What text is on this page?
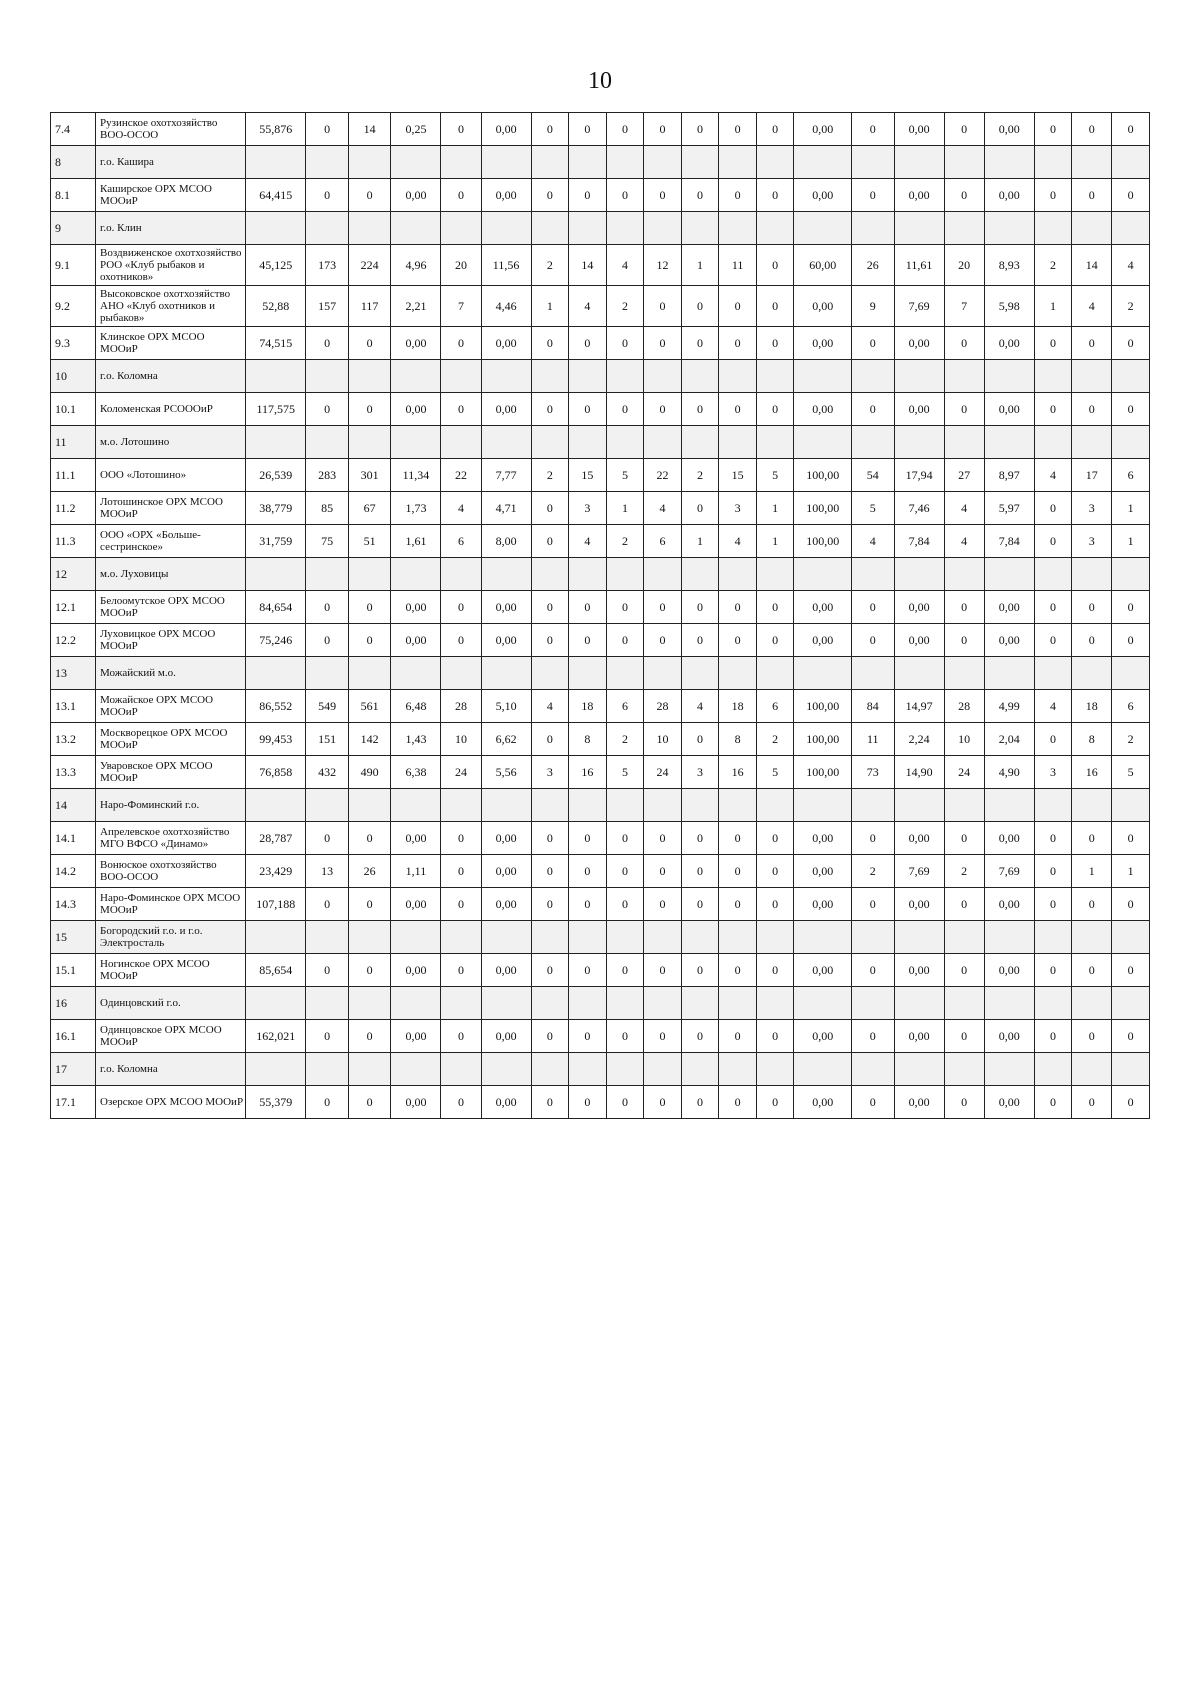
10
7.4	Рузинское охотхозяйство ВОО-ОСОО	55,876	0	14	0,25	0	0,00	0	0	0	0	0	0	0	0,00	0	0,00	0	0,00	0	0	0
8	г.о. Кашира																					
8.1	Каширское ОРХ МСОО МООиР	64,415	0	0	0,00	0	0,00	0	0	0	0	0	0	0	0,00	0	0,00	0	0,00	0	0	0
9	г.о. Клин																					
9.1	Воздвиженское охотхозяйство РОО «Клуб рыбаков и охотников»	45,125	173	224	4,96	20	11,56	2	14	4	12	1	11	0	60,00	26	11,61	20	8,93	2	14	4
9.2	Высоковское охотхозяйство АНО «Клуб охотников и рыбаков»	52,88	157	117	2,21	7	4,46	1	4	2	0	0	0	0	0,00	9	7,69	7	5,98	1	4	2
9.3	Клинское ОРХ МСОО МООиР	74,515	0	0	0,00	0	0,00	0	0	0	0	0	0	0	0,00	0	0,00	0	0,00	0	0	0
10	г.о. Коломна																					
10.1	Коломенская РСОООиР	117,575	0	0	0,00	0	0,00	0	0	0	0	0	0	0	0,00	0	0,00	0	0,00	0	0	0
11	м.о. Лотошино																					
11.1	ООО «Лотошино»	26,539	283	301	11,34	22	7,77	2	15	5	22	2	15	5	100,00	54	17,94	27	8,97	4	17	6
11.2	Лотошинское ОРХ МСОО МООиР	38,779	85	67	1,73	4	4,71	0	3	1	4	0	3	1	100,00	5	7,46	4	5,97	0	3	1
11.3	ООО «ОРХ «Больше-сестринское»	31,759	75	51	1,61	6	8,00	0	4	2	6	1	4	1	100,00	4	7,84	4	7,84	0	3	1
12	м.о. Луховицы																					
12.1	Белоомутское ОРХ МСОО МООиР	84,654	0	0	0,00	0	0,00	0	0	0	0	0	0	0	0,00	0	0,00	0	0,00	0	0	0
12.2	Луховицкое ОРХ МСОО МООиР	75,246	0	0	0,00	0	0,00	0	0	0	0	0	0	0	0,00	0	0,00	0	0,00	0	0	0
13	Можайский м.о.																					
13.1	Можайское ОРХ МСОО МООиР	86,552	549	561	6,48	28	5,10	4	18	6	28	4	18	6	100,00	84	14,97	28	4,99	4	18	6
13.2	Москворецкое ОРХ МСОО МООиР	99,453	151	142	1,43	10	6,62	0	8	2	10	0	8	2	100,00	11	2,24	10	2,04	0	8	2
13.3	Уваровское ОРХ МСОО МООиР	76,858	432	490	6,38	24	5,56	3	16	5	24	3	16	5	100,00	73	14,90	24	4,90	3	16	5
14	Наро-Фоминский г.о.																					
14.1	Апрелевское охотхозяйство МГО ВФСО «Динамо»	28,787	0	0	0,00	0	0,00	0	0	0	0	0	0	0	0,00	0	0,00	0	0,00	0	0	0
14.2	Вонюское охотхозяйство ВОО-ОСОО	23,429	13	26	1,11	0	0,00	0	0	0	0	0	0	0	0,00	2	7,69	2	7,69	0	1	1
14.3	Наро-Фоминское ОРХ МСОО МООиР	107,188	0	0	0,00	0	0,00	0	0	0	0	0	0	0	0,00	0	0,00	0	0,00	0	0	0
15	Богородский г.о. и г.о. Электросталь																					
15.1	Ногинское ОРХ МСОО МООиР	85,654	0	0	0,00	0	0,00	0	0	0	0	0	0	0	0,00	0	0,00	0	0,00	0	0	0
16	Одинцовский г.о.																					
16.1	Одинцовское ОРХ МСОО МООиР	162,021	0	0	0,00	0	0,00	0	0	0	0	0	0	0	0,00	0	0,00	0	0,00	0	0	0
17	г.о. Коломна																					
17.1	Озерское ОРХ МСОО МООиР	55,379	0	0	0,00	0	0,00	0	0	0	0	0	0	0	0,00	0	0,00	0	0,00	0	0	0
